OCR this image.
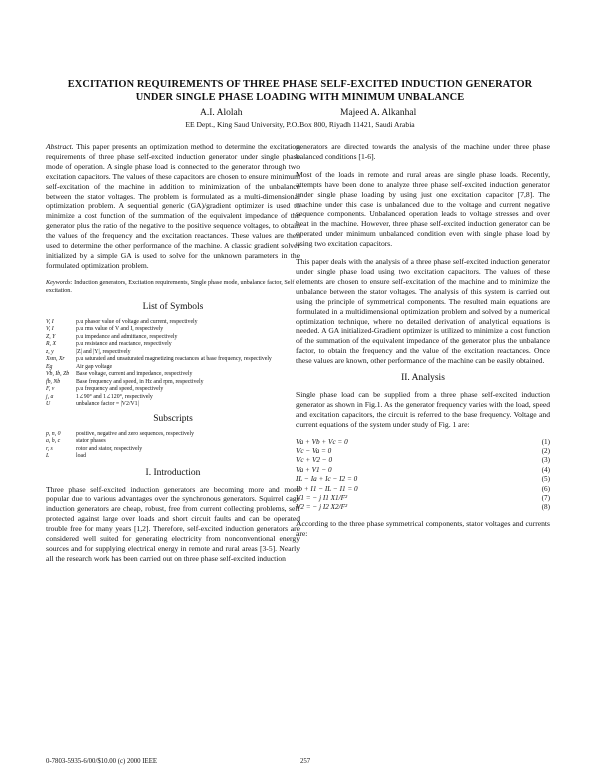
EXCITATION REQUIREMENTS OF THREE PHASE SELF-EXCITED INDUCTION GENERATOR UNDER SINGLE PHASE LOADING WITH MINIMUM UNBALANCE
A.I. Alolah	Majeed A. Alkanhal
EE Dept., King Saud University, P.O.Box 800, Riyadh 11421, Saudi Arabia

Abstract. This paper presents an optimization method to determine the excitation requirements of three phase self-excited induction generator under single phase mode of operation. A single phase load is connected to the generator through two excitation capacitors. The values of these capacitors are chosen to ensure minimum self-excitation of the machine in addition to minimization of the unbalance between the stator voltages. The problem is formulated as a multi-dimensional optimization problem. A sequential generic (GA)/gradient optimizer is used to minimize a cost function of the summation of the equivalent impedance of the generator plus the ratio of the negative to the positive sequence voltages, to obtain the values of the frequency and the excitation reactances. These values are then used to determine the other performance of the machine. A classic gradient solver initialized by a simple GA is used to solve for the unknown parameters in the formulated optimization problem.

Keywords: Induction generators, Excitation requirements, Single phase mode, unbalance factor, Self excitation.
List of Symbols
V, I	p.u phasor value of voltage and current, respectively
V, I	p.u rms value of V and I, respectively
Z, Y	p.u impedance and admittance, respectively
R, X	p.u resistance and reactance, respectively
z, y	|Z| and |Y|, respectively
Xsm, Xr	p.u saturated and unsaturated magnetizing reactances at base frequency, respectively
Eg	Air gap voltage
Vb, Ib, Zb	Base voltage, current and impedance, respectively
fb, Nb	Base frequency and speed, in Hz and rpm, respectively
F, v	p.u frequency and speed, respectively
j, a	1∠90° and 1∠120°, respectively
U	unbalance factor = |V2/V1|
Subscripts
p, n, 0	positive, negative and zero sequences, respectively
a, b, c	stator phases
r, s	rotor and stator, respectively
L	load
I. Introduction

Three phase self-excited induction generators are becoming more and more popular due to various advantages over the synchronous generators. Squirrel cage induction generators are cheap, robust, free from current collecting problems, self protected against large over loads and short circuit faults and can be operated trouble free for many years [1,2]. Therefore, self-excited induction generators are considered well suited for generating electricity from nonconventional energy sources and for supplying electrical energy in remote and rural areas [3-5]. Nearly all the research work has been carried out on three phase self-excited induction

generators are directed towards the analysis of the machine under three phase balanced conditions [1-6].

Most of the loads in remote and rural areas are single phase loads. Recently, attempts have been done to analyze three phase self-excited induction generator under single phase loading by using just one excitation capacitor [7,8]. The machine under this case is unbalanced due to the voltage and current negative sequence components. Unbalanced operation leads to voltage stresses and over heat in the machine. However, three phase self-excited induction generator can be operated under minimum unbalanced condition even with single phase load by using two excitation capacitors.

This paper deals with the analysis of a three phase self-excited induction generator under single phase load using two excitation capacitors. The values of these elements are chosen to ensure self-excitation of the machine and to minimize the unbalance between the stator voltages. The analysis of this system is carried out using the principle of symmetrical components. The resulted main equations are formulated in a multidimensional optimization problem and solved by a numerical optimization technique, where no detailed derivation of analytical equations is needed. A GA initialized-Gradient optimizer is utilized to minimize a cost function of the summation of the equivalent impedance of the generator plus the unbalance factor, to obtain the frequency and the value of the excitation reactances. Once these values are known, other performance of the machine can be easily obtained.

II. Analysis

Single phase load can be supplied from a three phase self-excited induction generator as shown in Fig.1. As the generator frequency varies with the load, speed and excitation capacitors, the circuit is referred to the base frequency. Voltage and current equations of the system under study of Fig. 1 are:

Va + Vb + Vc = 0	(1)
Vc − Va = 0	(2)
Vc + V2 − 0	(3)
Va + V1 − 0	(4)
IL − Ia + Ic − I2 = 0	(5)
Ib + I1 − IL − I1 = 0	(6)
V1 = − j I1 X1/F²	(7)
V2 = − j I2 X2/F²	(8)

According to the three phase symmetrical components, stator voltages and currents are:

0-7803-5935-6/00/$10.00 (c) 2000 IEEE	257
